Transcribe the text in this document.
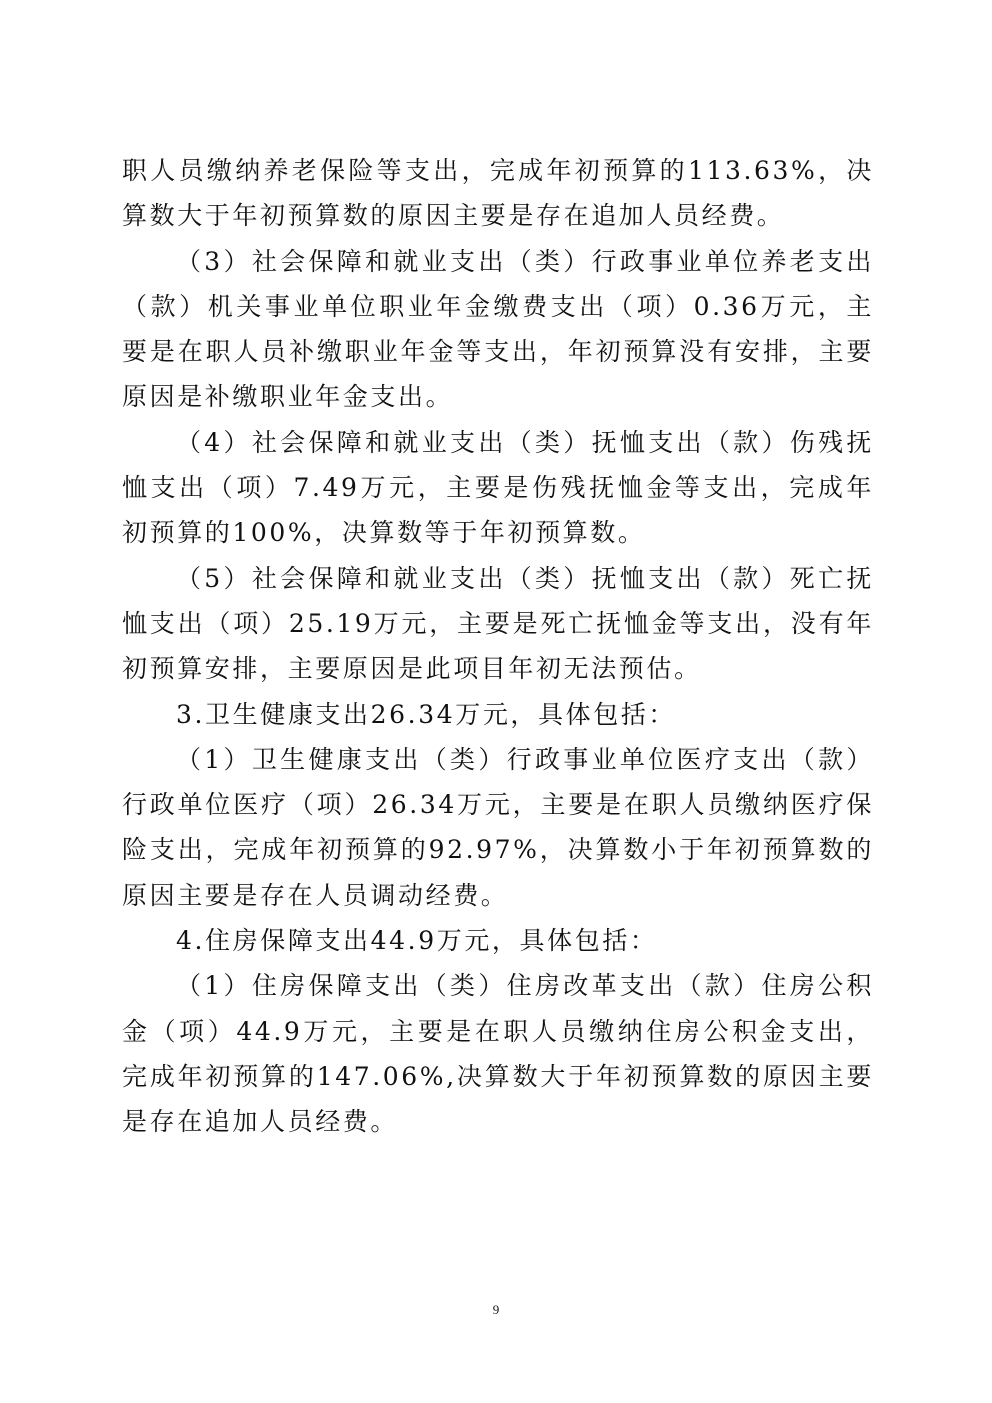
职人员缴纳养老保险等支出，完成年初预算的113.63%，决算数大于年初预算数的原因主要是存在追加人员经费。

（3）社会保障和就业支出（类）行政事业单位养老支出（款）机关事业单位职业年金缴费支出（项）0.36万元，主要是在职人员补缴职业年金等支出，年初预算没有安排，主要原因是补缴职业年金支出。

（4）社会保障和就业支出（类）抚恤支出（款）伤残抚恤支出（项）7.49万元，主要是伤残抚恤金等支出，完成年初预算的100%，决算数等于年初预算数。

（5）社会保障和就业支出（类）抚恤支出（款）死亡抚恤支出（项）25.19万元，主要是死亡抚恤金等支出，没有年初预算安排，主要原因是此项目年初无法预估。

3.卫生健康支出26.34万元，具体包括：

（1）卫生健康支出（类）行政事业单位医疗支出（款）行政单位医疗（项）26.34万元，主要是在职人员缴纳医疗保险支出，完成年初预算的92.97%，决算数小于年初预算数的原因主要是存在人员调动经费。

4.住房保障支出44.9万元，具体包括：

（1）住房保障支出（类）住房改革支出（款）住房公积金（项）44.9万元，主要是在职人员缴纳住房公积金支出，完成年初预算的147.06%,决算数大于年初预算数的原因主要是存在追加人员经费。

9
